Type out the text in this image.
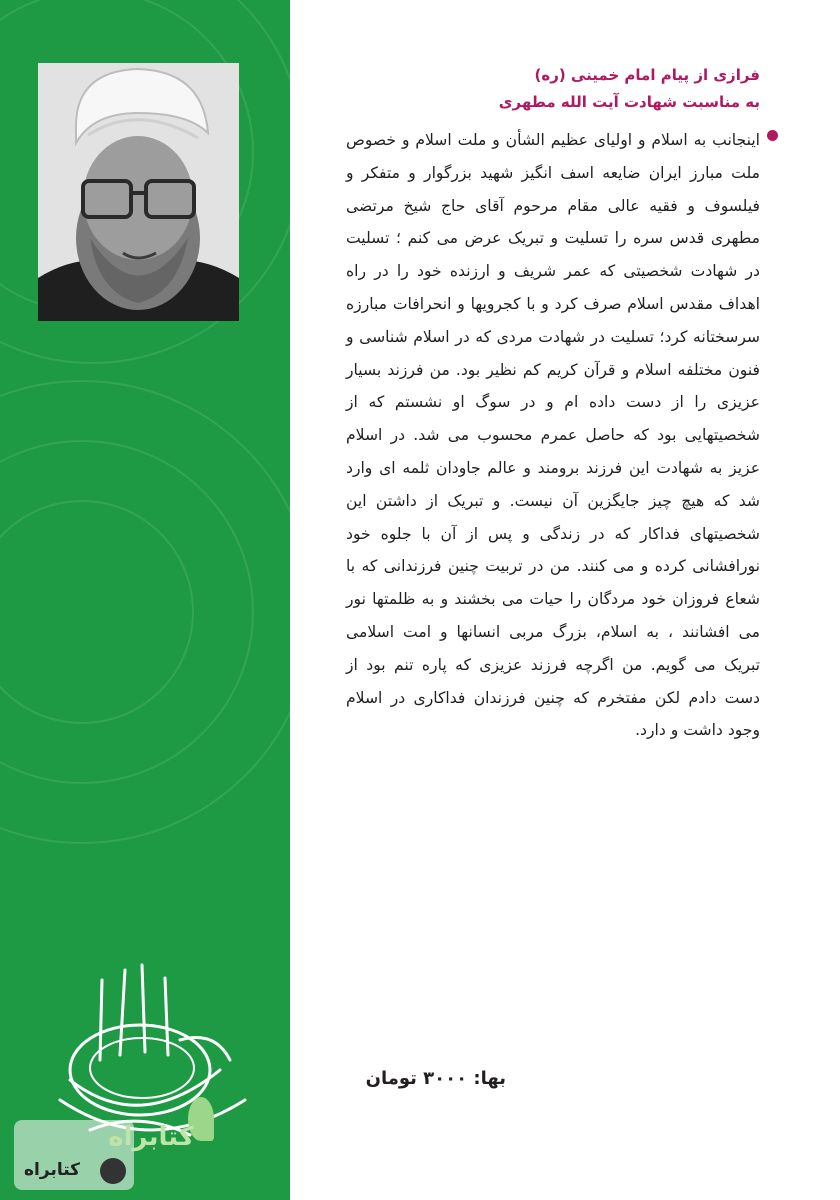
فرازی از پیام امام خمینی (ره)
به مناسبت شهادت آیت الله مطهری
اینجانب به اسلام و اولیای عظیم الشأن و ملت اسلام و خصوص ملت مبارز ایران ضایعه اسف انگیز شهید بزرگوار و متفکر و فیلسوف و فقیه عالی مقام مرحوم آقای حاج شیخ مرتضی مطهری قدس سره را تسلیت و تبریک عرض می کنم ؛ تسلیت در شهادت شخصیتی که عمر شریف و ارزنده خود را در راه اهداف مقدس اسلام صرف کرد و با کجرویها و انحرافات مبارزه سرسختانه کرد؛ تسلیت در شهادت مردی که در اسلام شناسی و فنون مختلفه اسلام و قرآن کریم کم نظیر بود. من فرزند بسیار عزیزی را از دست داده ام و در سوگ او نشستم که از شخصیتهایی بود که حاصل عمرم محسوب می شد. در اسلام عزیز به شهادت این فرزند برومند و عالم جاودان ثلمه ای وارد شد که هیچ چیز جایگزین آن نیست. و تبریک از داشتن این شخصیتهای فداکار که در زندگی و پس از آن با جلوه خود نورافشانی کرده و می کنند. من در تربیت چنین فرزندانی که با شعاع فروزان خود مردگان را حیات می بخشند و به ظلمتها نور می افشانند ، به اسلام، بزرگ مربی انسانها و امت اسلامی تبریک می گویم. من اگرچه فرزند عزیزی که پاره تنم بود از دست دادم لکن مفتخرم که چنین فرزندان فداکاری در اسلام وجود داشت و دارد.
بها: ۳۰۰۰ تومان
کتابراه
کتابراه
